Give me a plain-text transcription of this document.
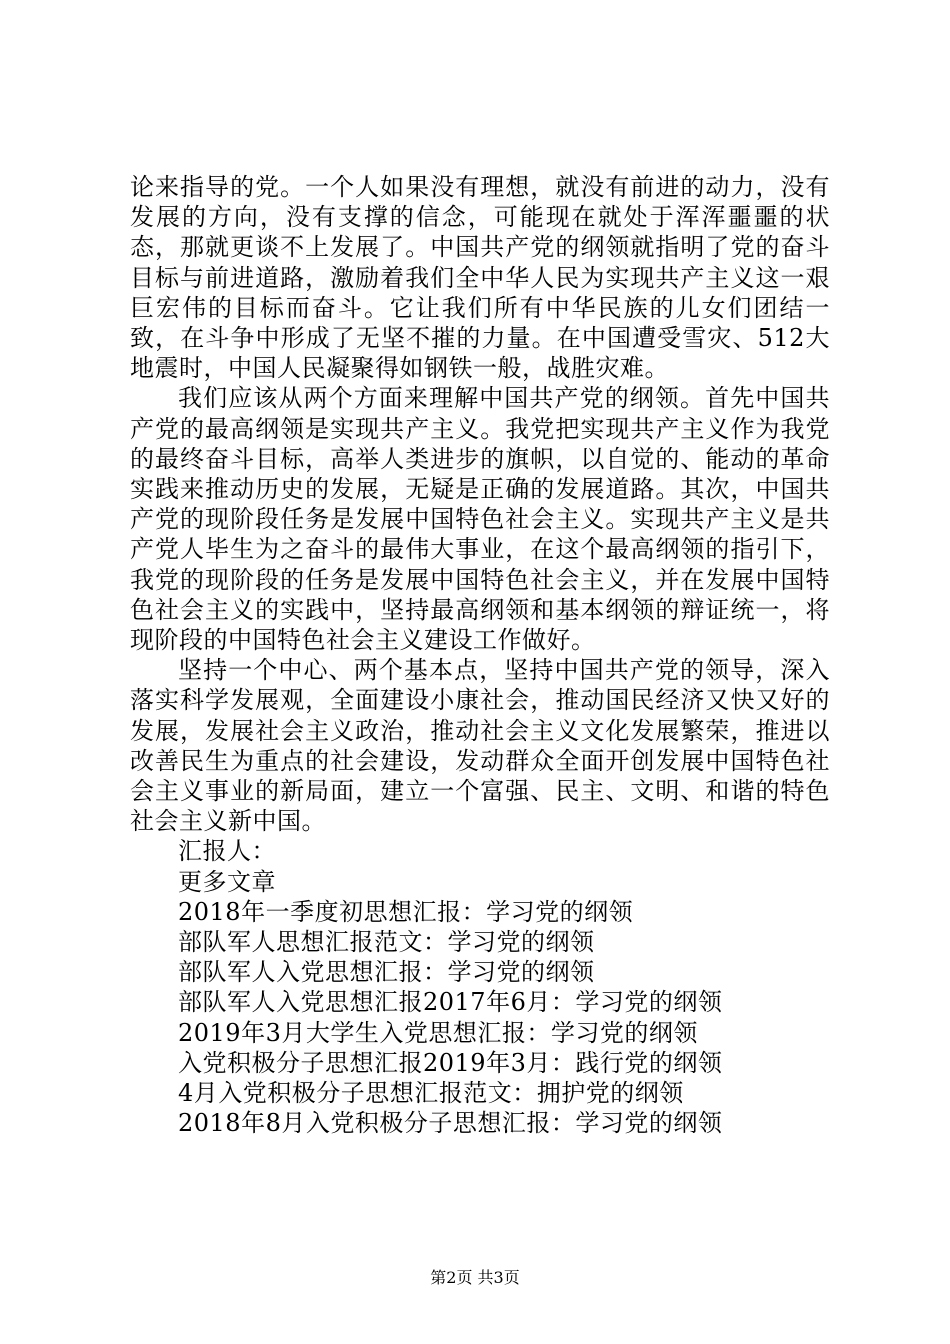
论来指导的党。一个人如果没有理想，就没有前进的动力，没有发展的方向，没有支撑的信念，可能现在就处于浑浑噩噩的状态，那就更谈不上发展了。中国共产党的纲领就指明了党的奋斗目标与前进道路，激励着我们全中华人民为实现共产主义这一艰巨宏伟的目标而奋斗。它让我们所有中华民族的儿女们团结一致，在斗争中形成了无坚不摧的力量。在中国遭受雪灾、512大地震时，中国人民凝聚得如钢铁一般，战胜灾难。

我们应该从两个方面来理解中国共产党的纲领。首先中国共产党的最高纲领是实现共产主义。我党把实现共产主义作为我党的最终奋斗目标，高举人类进步的旗帜，以自觉的、能动的革命实践来推动历史的发展，无疑是正确的发展道路。其次，中国共产党的现阶段任务是发展中国特色社会主义。实现共产主义是共产党人毕生为之奋斗的最伟大事业，在这个最高纲领的指引下，我党的现阶段的任务是发展中国特色社会主义，并在发展中国特色社会主义的实践中，坚持最高纲领和基本纲领的辩证统一，将现阶段的中国特色社会主义建设工作做好。

坚持一个中心、两个基本点，坚持中国共产党的领导，深入落实科学发展观，全面建设小康社会，推动国民经济又快又好的发展，发展社会主义政治，推动社会主义文化发展繁荣，推进以改善民生为重点的社会建设，发动群众全面开创发展中国特色社会主义事业的新局面，建立一个富强、民主、文明、和谐的特色社会主义新中国。

汇报人：

更多文章

2018年一季度初思想汇报：学习党的纲领

部队军人思想汇报范文：学习党的纲领

部队军人入党思想汇报：学习党的纲领

部队军人入党思想汇报2017年6月：学习党的纲领

2019年3月大学生入党思想汇报：学习党的纲领

入党积极分子思想汇报2019年3月：践行党的纲领

4月入党积极分子思想汇报范文：拥护党的纲领

2018年8月入党积极分子思想汇报：学习党的纲领

第2页 共3页
